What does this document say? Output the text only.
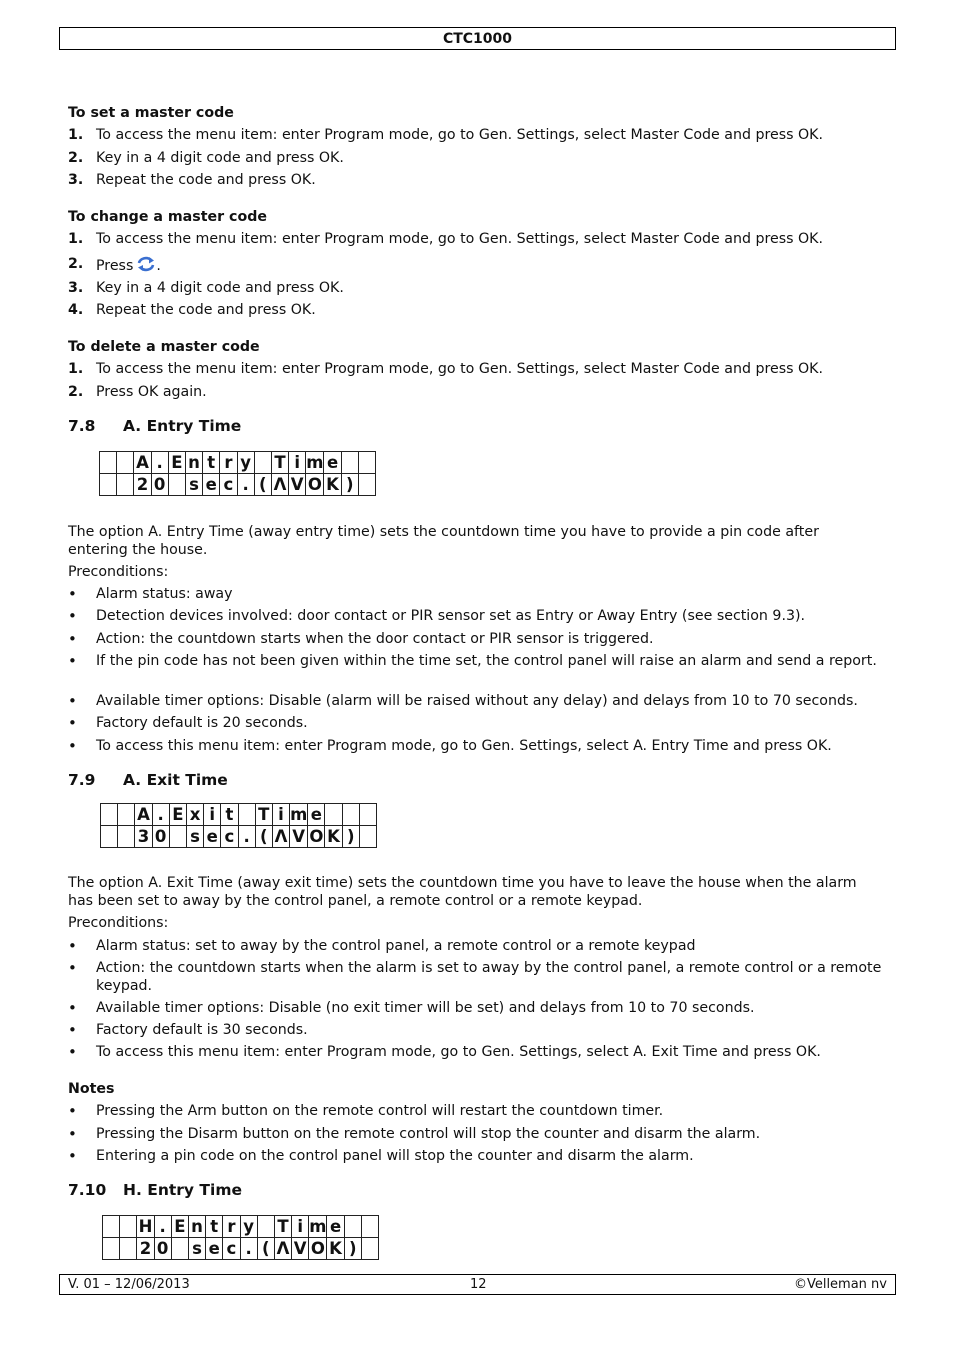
CTC1000
To set a master code
1. To access the menu item: enter Program mode, go to Gen. Settings, select Master Code and press OK.
2. Key in a 4 digit code and press OK.
3. Repeat the code and press OK.
To change a master code
1. To access the menu item: enter Program mode, go to Gen. Settings, select Master Code and press OK.
2. Press .
3. Key in a 4 digit code and press OK.
4. Repeat the code and press OK.
To delete a master code
1. To access the menu item: enter Program mode, go to Gen. Settings, select Master Code and press OK.
2. Press OK again.
7.8 A. Entry Time
		A	.	E	n	t	r	y		T	i	m	e		
		2	0		s	e	c	.	(	Λ	V	O	K	)	
The option A. Entry Time (away entry time) sets the countdown time you have to provide a pin code after entering the house.
Preconditions:
• Alarm status: away
• Detection devices involved: door contact or PIR sensor set as Entry or Away Entry (see section 9.3).
• Action: the countdown starts when the door contact or PIR sensor is triggered.
• If the pin code has not been given within the time set, the control panel will raise an alarm and send a report.
• Available timer options: Disable (alarm will be raised without any delay) and delays from 10 to 70 seconds.
• Factory default is 20 seconds.
• To access this menu item: enter Program mode, go to Gen. Settings, select A. Entry Time and press OK.
7.9 A. Exit Time
		A	.	E	x	i	t		T	i	m	e			
		3	0		s	e	c	.	(	Λ	V	O	K	)	
The option A. Exit Time (away exit time) sets the countdown time you have to leave the house when the alarm has been set to away by the control panel, a remote control or a remote keypad.
Preconditions:
• Alarm status: set to away by the control panel, a remote control or a remote keypad
• Action: the countdown starts when the alarm is set to away by the control panel, a remote control or a remote keypad.
• Available timer options: Disable (no exit timer will be set) and delays from 10 to 70 seconds.
• Factory default is 30 seconds.
• To access this menu item: enter Program mode, go to Gen. Settings, select A. Exit Time and press OK.
Notes
• Pressing the Arm button on the remote control will restart the countdown timer.
• Pressing the Disarm button on the remote control will stop the counter and disarm the alarm.
• Entering a pin code on the control panel will stop the counter and disarm the alarm.
7.10 H. Entry Time
		H	.	E	n	t	r	y		T	i	m	e		
		2	0		s	e	c	.	(	Λ	V	O	K	)	
V. 01 – 12/06/2013	12	©Velleman nv
